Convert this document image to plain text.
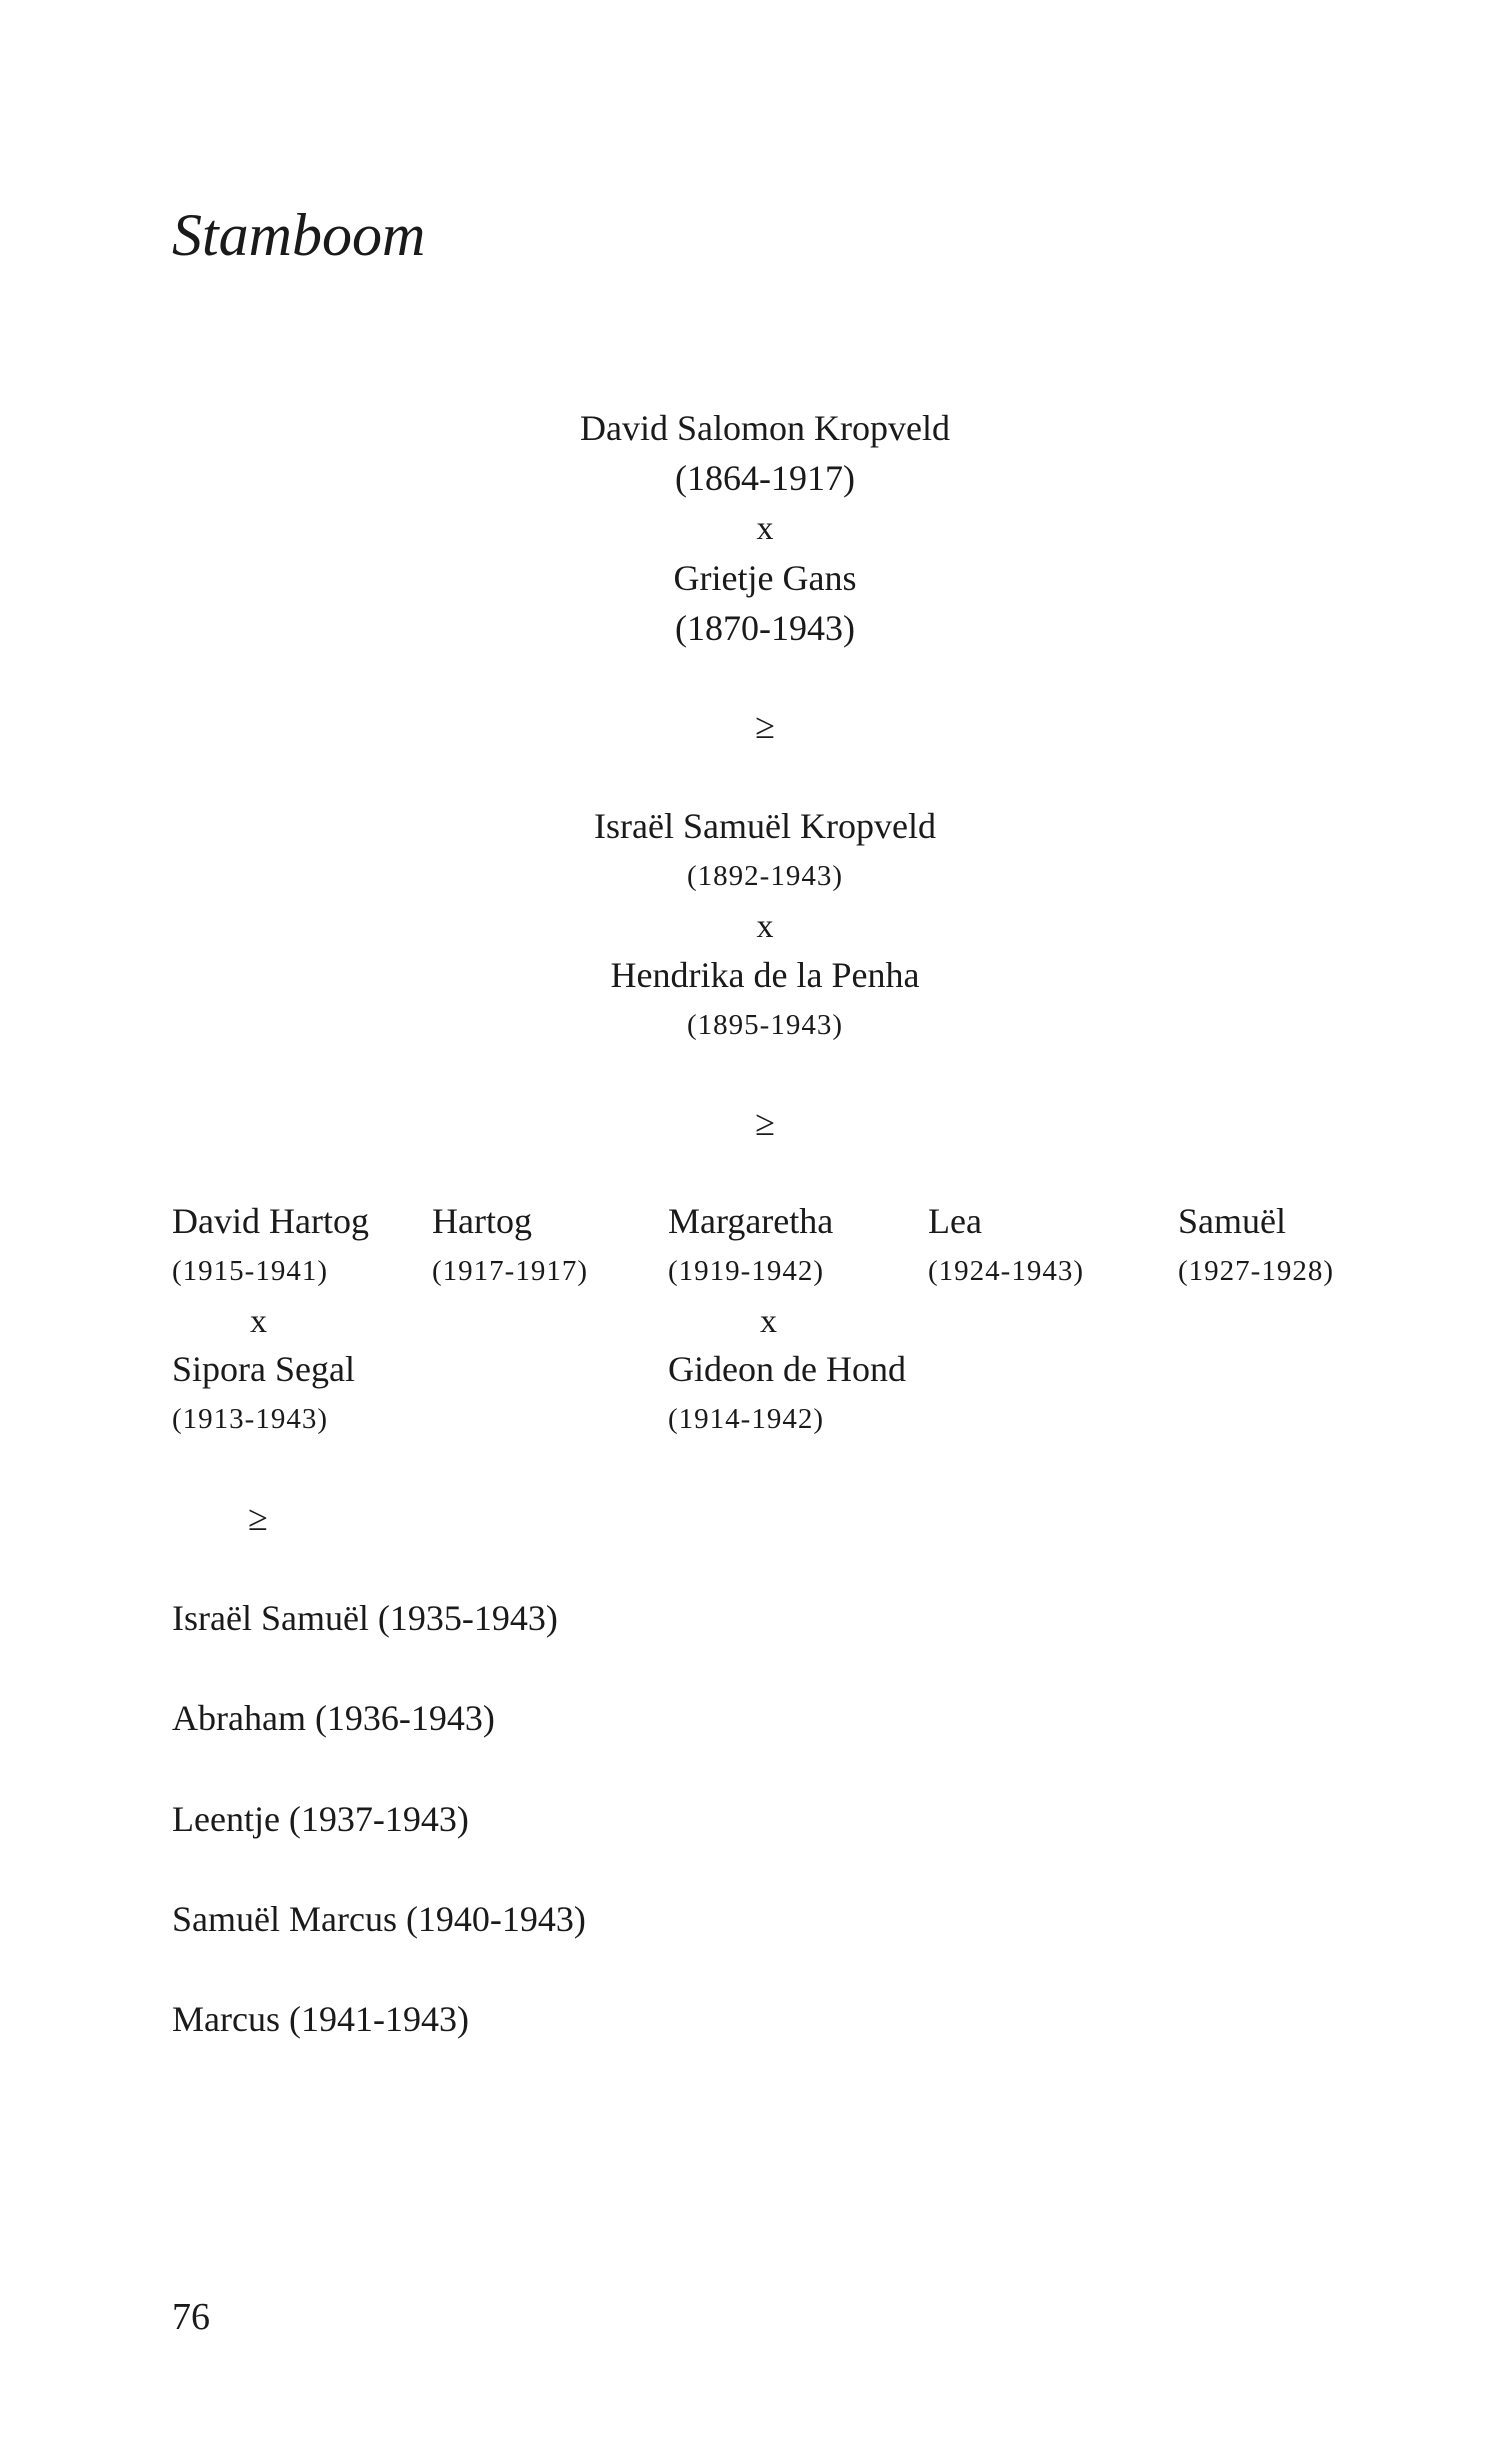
Stamboom
David Salomon Kropveld
(1864-1917)
x
Grietje Gans
(1870-1943)
≥
Israël Samuël Kropveld
(1892-1943)
x
Hendrika de la Penha
(1895-1943)
≥
David Hartog
(1915-1941)
x
Sipora Segal
(1913-1943)
Hartog
(1917-1917)
Margaretha
(1919-1942)
x
Gideon de Hond
(1914-1942)
Lea
(1924-1943)
Samuël
(1927-1928)
≥
Israël Samuël (1935-1943)
Abraham (1936-1943)
Leentje (1937-1943)
Samuël Marcus (1940-1943)
Marcus (1941-1943)
76
